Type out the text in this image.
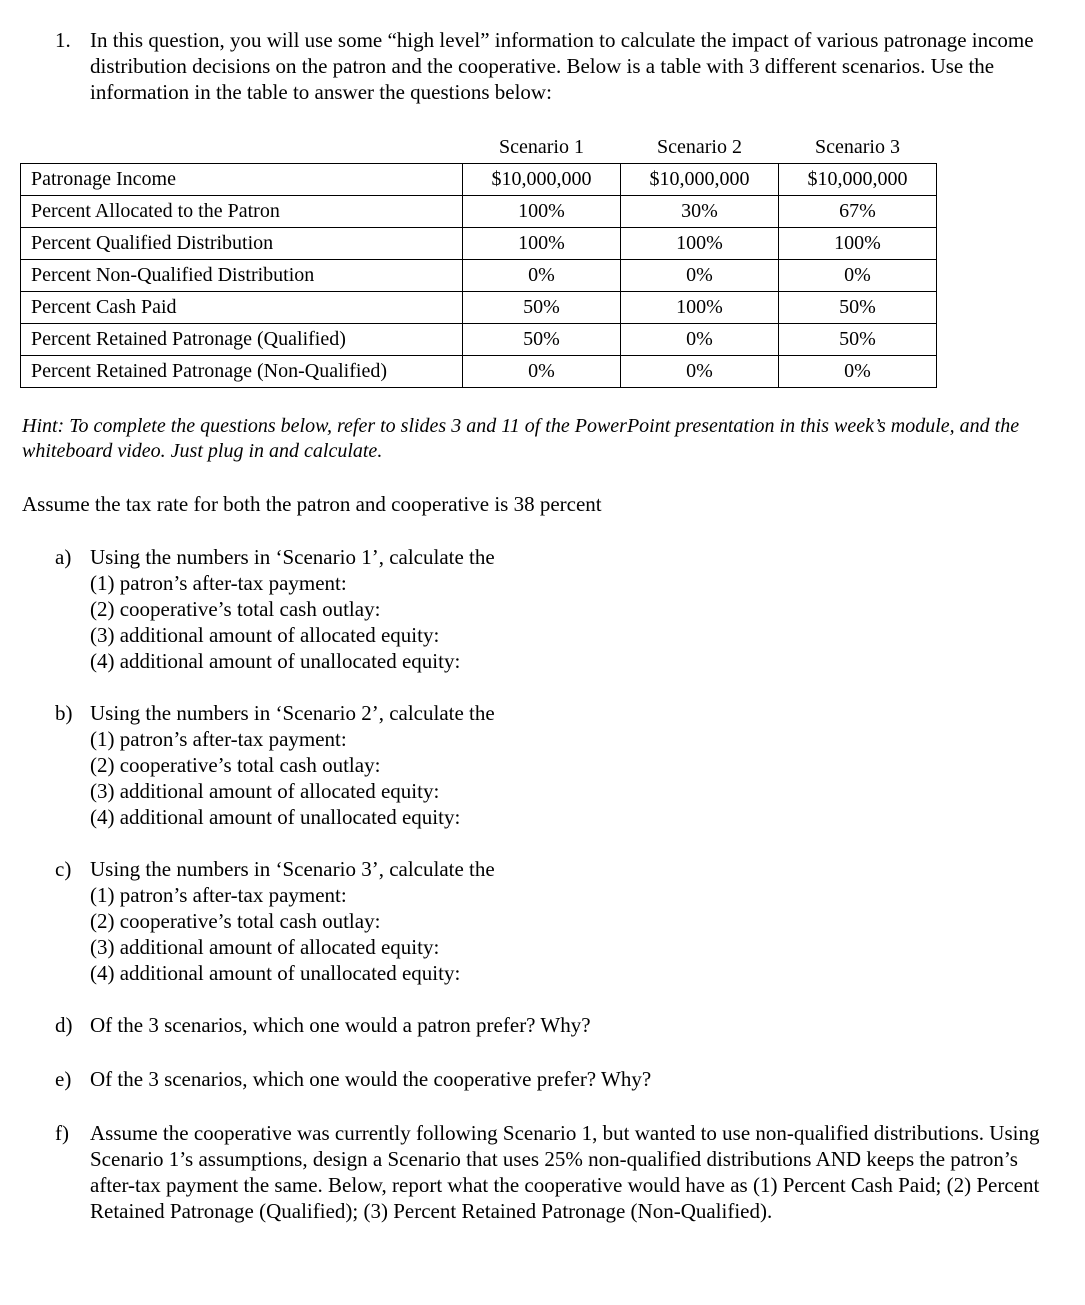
1. In this question, you will use some “high level” information to calculate the impact of various patronage income distribution decisions on the patron and the cooperative. Below is a table with 3 different scenarios. Use the information in the table to answer the questions below:
	Scenario 1	Scenario 2	Scenario 3
Patronage Income	$10,000,000	$10,000,000	$10,000,000
Percent Allocated to the Patron	100%	30%	67%
Percent Qualified Distribution	100%	100%	100%
Percent Non-Qualified Distribution	0%	0%	0%
Percent Cash Paid	50%	100%	50%
Percent Retained Patronage (Qualified)	50%	0%	50%
Percent Retained Patronage (Non-Qualified)	0%	0%	0%
Hint: To complete the questions below, refer to slides 3 and 11 of the PowerPoint presentation in this week’s module, and the whiteboard video. Just plug in and calculate.
Assume the tax rate for both the patron and cooperative is 38 percent
a) Using the numbers in ‘Scenario 1’, calculate the
(1) patron’s after-tax payment:
(2) cooperative’s total cash outlay:
(3) additional amount of allocated equity:
(4) additional amount of unallocated equity:
b) Using the numbers in ‘Scenario 2’, calculate the
(1) patron’s after-tax payment:
(2) cooperative’s total cash outlay:
(3) additional amount of allocated equity:
(4) additional amount of unallocated equity:
c) Using the numbers in ‘Scenario 3’, calculate the
(1) patron’s after-tax payment:
(2) cooperative’s total cash outlay:
(3) additional amount of allocated equity:
(4) additional amount of unallocated equity:
d) Of the 3 scenarios, which one would a patron prefer? Why?
e) Of the 3 scenarios, which one would the cooperative prefer? Why?
f) Assume the cooperative was currently following Scenario 1, but wanted to use non-qualified distributions. Using Scenario 1’s assumptions, design a Scenario that uses 25% non-qualified distributions AND keeps the patron’s after-tax payment the same. Below, report what the cooperative would have as (1) Percent Cash Paid; (2) Percent Retained Patronage (Qualified); (3) Percent Retained Patronage (Non-Qualified).
